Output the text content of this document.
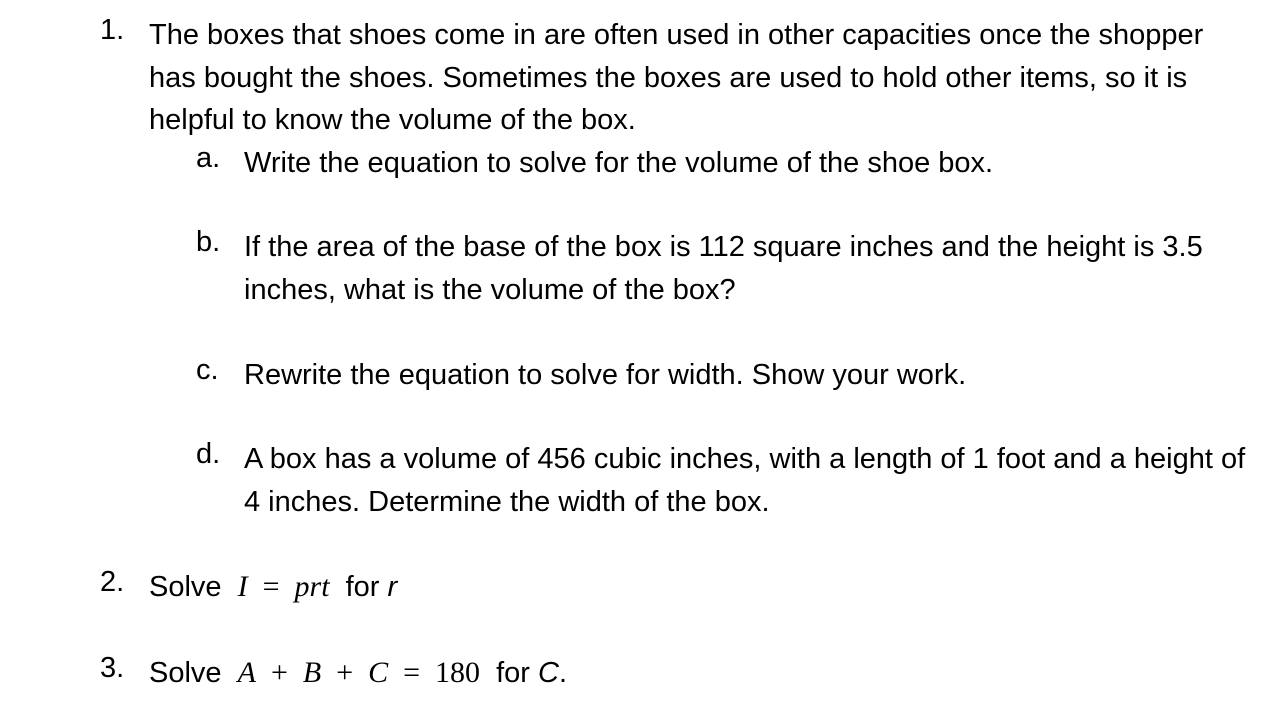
1. The boxes that shoes come in are often used in other capacities once the shopper has bought the shoes. Sometimes the boxes are used to hold other items, so it is helpful to know the volume of the box.
a. Write the equation to solve for the volume of the shoe box.
b. If the area of the base of the box is 112 square inches and the height is 3.5 inches, what is the volume of the box?
c. Rewrite the equation to solve for width. Show your work.
d. A box has a volume of 456 cubic inches, with a length of 1 foot and a height of 4 inches. Determine the width of the box.
2. Solve I = prt for r
3. Solve A + B + C = 180 for C.
